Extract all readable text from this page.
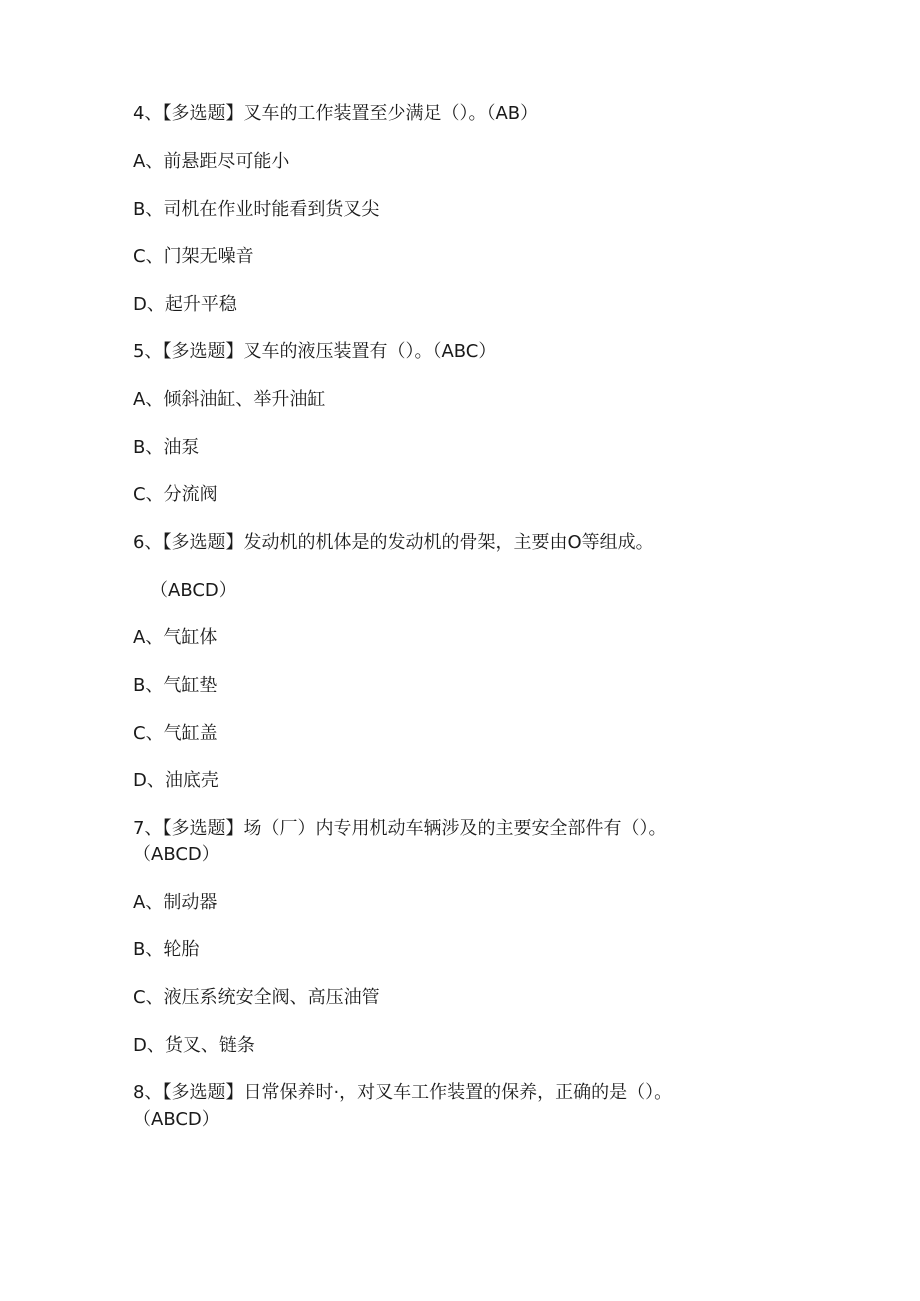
4、【多选题】叉车的工作装置至少满足（）。（AB）
A、前悬距尽可能小
B、司机在作业时能看到货叉尖
C、门架无噪音
D、起升平稳
5、【多选题】叉车的液压装置有（）。（ABC）
A、倾斜油缸、举升油缸
B、油泵
C、分流阀
6、【多选题】发动机的机体是的发动机的骨架，主要由O等组成。
（ABCD）
A、气缸体
B、气缸垫
C、气缸盖
D、油底壳
7、【多选题】场（厂）内专用机动车辆涉及的主要安全部件有（）。
（ABCD）
A、制动器
B、轮胎
C、液压系统安全阀、高压油管
D、货叉、链条
8、【多选题】日常保养时·，对叉车工作装置的保养，正确的是（）。
（ABCD）
